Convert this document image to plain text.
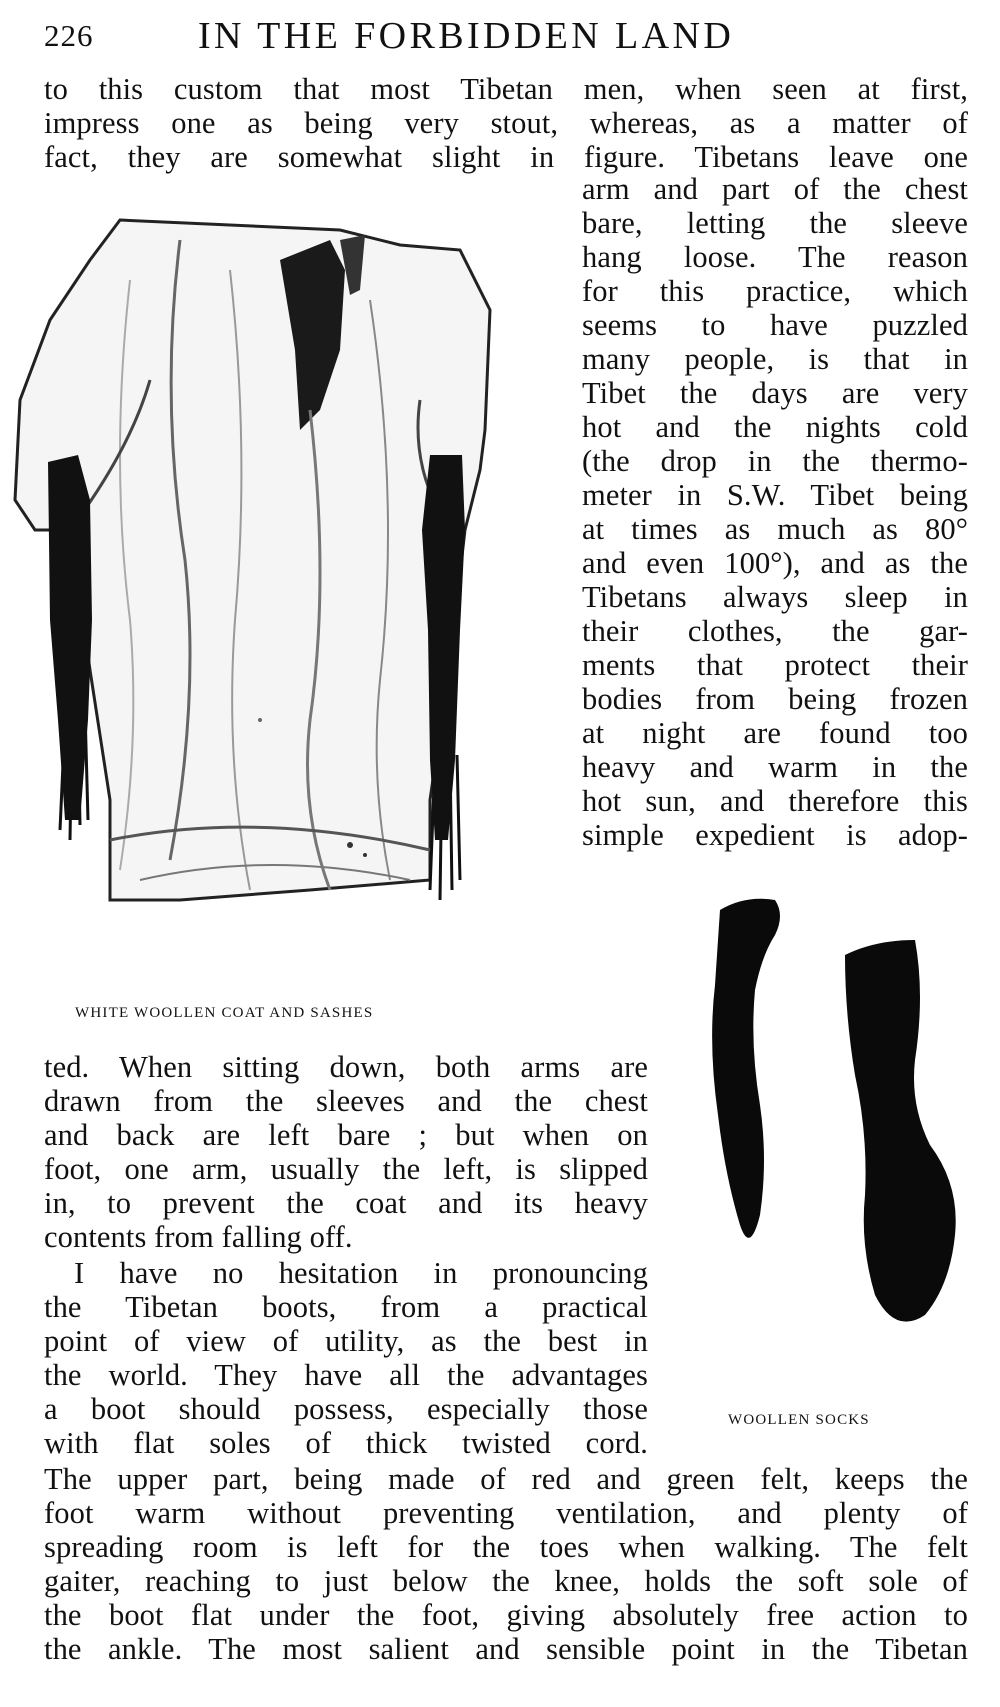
226	IN THE FORBIDDEN LAND
to this custom that most Tibetan men, when seen at first,
impress one as being very stout, whereas, as a matter of
fact, they are somewhat slight in figure. Tibetans leave one
arm and part of the chest
bare, letting the sleeve
hang loose. The reason
for this practice, which
seems to have puzzled
many people, is that in
Tibet the days are very
hot and the nights cold
(the drop in the thermo-
meter in S.W. Tibet being
at times as much as 80°
and even 100°), and as the
Tibetans always sleep in
their clothes, the gar-
ments that protect their
bodies from being frozen
at night are found too
heavy and warm in the
hot sun, and therefore this
simple expedient is adop-
WHITE WOOLLEN COAT AND SASHES
ted. When sitting down, both arms are
drawn from the sleeves and the chest
and back are left bare ; but when on
foot, one arm, usually the left, is slipped
in, to prevent the coat and its heavy
contents from falling off.
I have no hesitation in pronouncing
the Tibetan boots, from a practical
point of view of utility, as the best in
the world. They have all the advantages
a boot should possess, especially those
with flat soles of thick twisted cord.
WOOLLEN SOCKS
The upper part, being made of red and green felt, keeps the
foot warm without preventing ventilation, and plenty of
spreading room is left for the toes when walking. The felt
gaiter, reaching to just below the knee, holds the soft sole of
the boot flat under the foot, giving absolutely free action to
the ankle. The most salient and sensible point in the Tibetan
